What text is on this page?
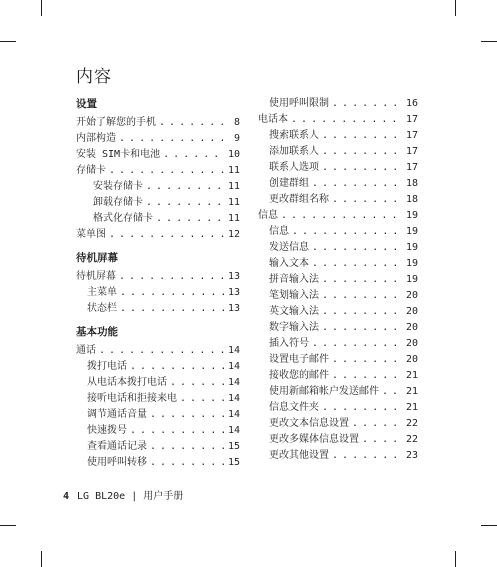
内容
设置
开始了解您的手机 . . .	8
内部构造 . . .	9
安装 SIM卡和电池 . . .	10
存储卡 . . .	11
安装存储卡 . . .	11
卸载存储卡 . . .	11
格式化存储卡 . . .	11
菜单图 . . .	12
待机屏幕
待机屏幕 . . .	13
主菜单 . . .	13
状态栏 . . .	13
基本功能
通话 . . .	14
拨打电话 . . .	14
从电话本拨打电话 . . .	14
接听电话和拒接来电 . . .	14
调节通话音量 . . .	14
快速拨号 . . .	14
查看通话记录 . . .	15
使用呼叫转移 . . .	15
使用呼叫限制 . . .	16
电话本 . . .	17
搜索联系人 . . .	17
添加联系人 . . .	17
联系人选项 . . .	17
创建群组 . . .	18
更改群组名称 . . .	18
信息 . . .	19
信息 . . .	19
发送信息 . . .	19
输入文本 . . .	19
拼音输入法 . . .	19
笔划输入法 . . .	20
英文输入法 . . .	20
数字输入法 . . .	20
插入符号 . . .	20
设置电子邮件 . . .	20
接收您的邮件 . . .	21
使用新邮箱帐户发送邮件 . . .	21
信息文件夹 . . .	21
更改文本信息设置 . . .	22
更改多媒体信息设置 . . .	22
更改其他设置 . . .	23
4 LG BL20e | 用户手册
